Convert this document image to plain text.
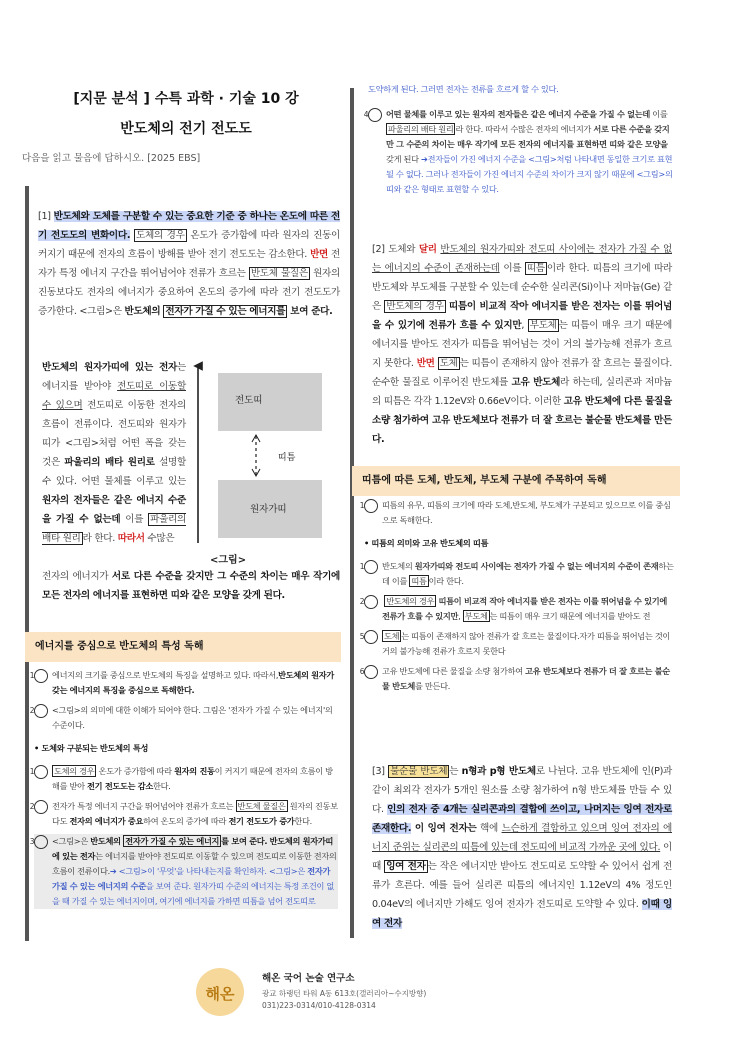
[지문 분석 ] 수특 과학 · 기술 10 강
반도체의 전기 전도도
다음을 읽고 물음에 답하시오. [2025 EBS]
[1] 반도체와 도체를 구분할 수 있는 중요한 기준 중 하나는 온도에 따른 전기 전도도의 변화이다. 도체의 경우 온도가 증가함에 따라 원자의 진동이 커지기 때문에 전자의 흐름이 방해를 받아 전기 전도도는 감소한다. 반면 전자가 특정 에너지 구간을 뛰어넘어야 전류가 흐르는 반도체 물질은 원자의 진동보다도 전자의 에너지가 중요하여 온도의 증가에 따라 전기 전도도가 증가한다. <그림>은 반도체의 전자가 가질 수 있는 에너지를 보여 준다.
반도체의 원자가띠에 있는 전자는 에너지를 받아야 전도띠로 이동할 수 있으며 전도띠로 이동한 전자의 흐름이 전류이다. 전도띠와 원자가띠가 <그림>처럼 어떤 폭을 갖는 것은 파울리의 배타 원리로 설명할 수 있다. 어떤 물체를 이루고 있는 원자의 전자들은 같은 에너지 수준을 가질 수 없는데 이를 파울리의 배타 원리 라 한다. 따라서 수많은
전자의 에너지가 서로 다른 수준을 갖지만 그 수준의 차이는 매우 작기에 모든 전자의 에너지를 표현하면 띠와 같은 모양을 갖게 된다.
전도띠
띠틈
원자가띠
<그림>
에너지를 중심으로 반도체의 특성 독해

1 에너지의 크기를 중심으로 반도체의 특징을 설명하고 있다. 따라서,반도체의 원자가 갖는 에너지의 특징을 중심으로 독해한다.

2 <그림>의 의미에 대한 이해가 되어야 한다. 그림은 '전자가 가질 수 있는 에너지'의 수준이다.

• 도체와 구분되는 반도체의 특성

1 도체의 경우 온도가 증가함에 따라 원자의 진동이 커지기 때문에 전자의 흐름이 방해를 받아 전기 전도도는 감소한다.

2 전자가 특정 에너지 구간을 뛰어넘어야 전류가 흐르는 반도체 물질은 원자의 진동보다도 전자의 에너지가 중요하여 온도의 증가에 따라 전기 전도도가 증가한다.

3 <그림>은 반도체의 전자가 가질 수 있는 에너지 를 보여 준다. 반도체의 원자가띠에 있는 전자는 에너지를 받아야 전도띠로 이동할 수 있으며 전도띠로 이동한 전자의 흐름이 전류이다.➔ <그림>이 '무엇'을 나타내는지를 확인하자. <그림>은 전자가 가질 수 있는 에너지의 수준을 보여 준다. 원자가띠 수준의 에너지는 특정 조건이 없을 때 가질 수 있는 에너지이며, 여기에 에너지를 가하면 띠틈을 넘어 전도띠로

도약하게 된다. 그러면 전자는 전류를 흐르게 할 수 있다.

4 어떤 물체를 이루고 있는 원자의 전자들은 같은 에너지 수준을 가질 수 없는데 이를 파울리의 배타 원리 라 한다. 따라서 수많은 전자의 에너지가 서로 다른 수준을 갖지만 그 수준의 차이는 매우 작기에 모든 전자의 에너지를 표현하면 띠와 같은 모양을 갖게 된다 ➔전자들이 가진 에너지 수준을 <그림>처럼 나타내면 동일한 크기로 표현될 수 없다. 그러나 전자들이 가진 에너지 수준의 차이가 크지 않기 때문에 <그림>의 띠와 같은 형태로 표현할 수 있다.

[2] 도체와 달리 반도체의 원자가띠와 전도띠 사이에는 전자가 가질 수 없는 에너지의 수준이 존재하는데 이를 띠틈 이라 한다. 띠틈의 크기에 따라 반도체와 부도체를 구분할 수 있는데 순수한 실리콘(Si)이나 저마늄(Ge) 같은 반도체의 경우 띠틈이 비교적 작아 에너지를 받은 전자는 이를 뛰어넘을 수 있기에 전류가 흐를 수 있지만, 부도체 는 띠틈이 매우 크기 때문에 에너지를 받아도 전자가 띠틈을 뛰어넘는 것이 거의 불가능해 전류가 흐르지 못한다. 반면 도체 는 띠틈이 존재하지 않아 전류가 잘 흐르는 물질이다. 순수한 물질로 이루어진 반도체를 고유 반도체라 하는데, 실리콘과 저마늄의 띠틈은 각각 1.12eV와 0.66eV이다. 이러한 고유 반도체에 다른 물질을 소량 첨가하여 고유 반도체보다 전류가 더 잘 흐르는 불순물 반도체를 만든다.
띠틈에 따른 도체, 반도체, 부도체 구분에 주목하여 독해

1 띠틈의 유무, 띠틈의 크기에 따라 도체,반도체, 부도체가 구분되고 있으므로 이를 중심으로 독해한다.

• 띠틈의 의미와 고유 반도체의 띠틈

1 반도체의 원자가띠와 전도띠 사이에는 전자가 가질 수 없는 에너지의 수준이 존재하는데 이를 띠틈 이라 한다.

2	반도체의 경우 띠틈이 비교적 작아 에너지를 받은 전자는 이를 뛰어넘을 수 있기에 전류가 흐를 수 있지만, 부도체 는 띠틈이 매우 크기 때문에 에너지를 받아도 전

5 도체 는 띠틈이 존재하지 않아 전류가 잘 흐르는 물질이다.자가 띠틈을 뛰어넘는 것이 거의 불가능해 전류가 흐르지 못한다

6 고유 반도체에 다른 물질을 소량 첨가하여 고유 반도체보다 전류가 더 잘 흐르는 불순물 반도체를 만든다.

[3] 불순물 반도체 는 n형과 p형 반도체로 나뉜다. 고유 반도체에 인(P)과 같이 최외각 전자가 5개인 원소를 소량 첨가하여 n형 반도체를 만들 수 있다. 인의 전자 중 4개는 실리콘과의 결합에 쓰이고, 나머지는 잉여 전자로 존재한다. 이 잉여 전자는 핵에 느슨하게 결합하고 있으며 잉여 전자의 에너지 준위는 실리콘의 띠틈에 있는데 전도띠에 비교적 가까운 곳에 있다. 이때 잉여 전자 는 작은 에너지만 받아도 전도띠로 도약할 수 있어서 쉽게 전류가 흐른다. 예를 들어 실리콘 띠틈의 에너지인 1.12eV의 4% 정도인 0.04eV의 에너지만 가해도 잉여 전자가 전도띠로 도약할 수 있다. 이때 잉여 전자
해온
해온 국어 논술 연구소
광교 하랭턴 타워 A동 613호(갤러리아~수지방향)
031)223-0314/010-4128-0314
